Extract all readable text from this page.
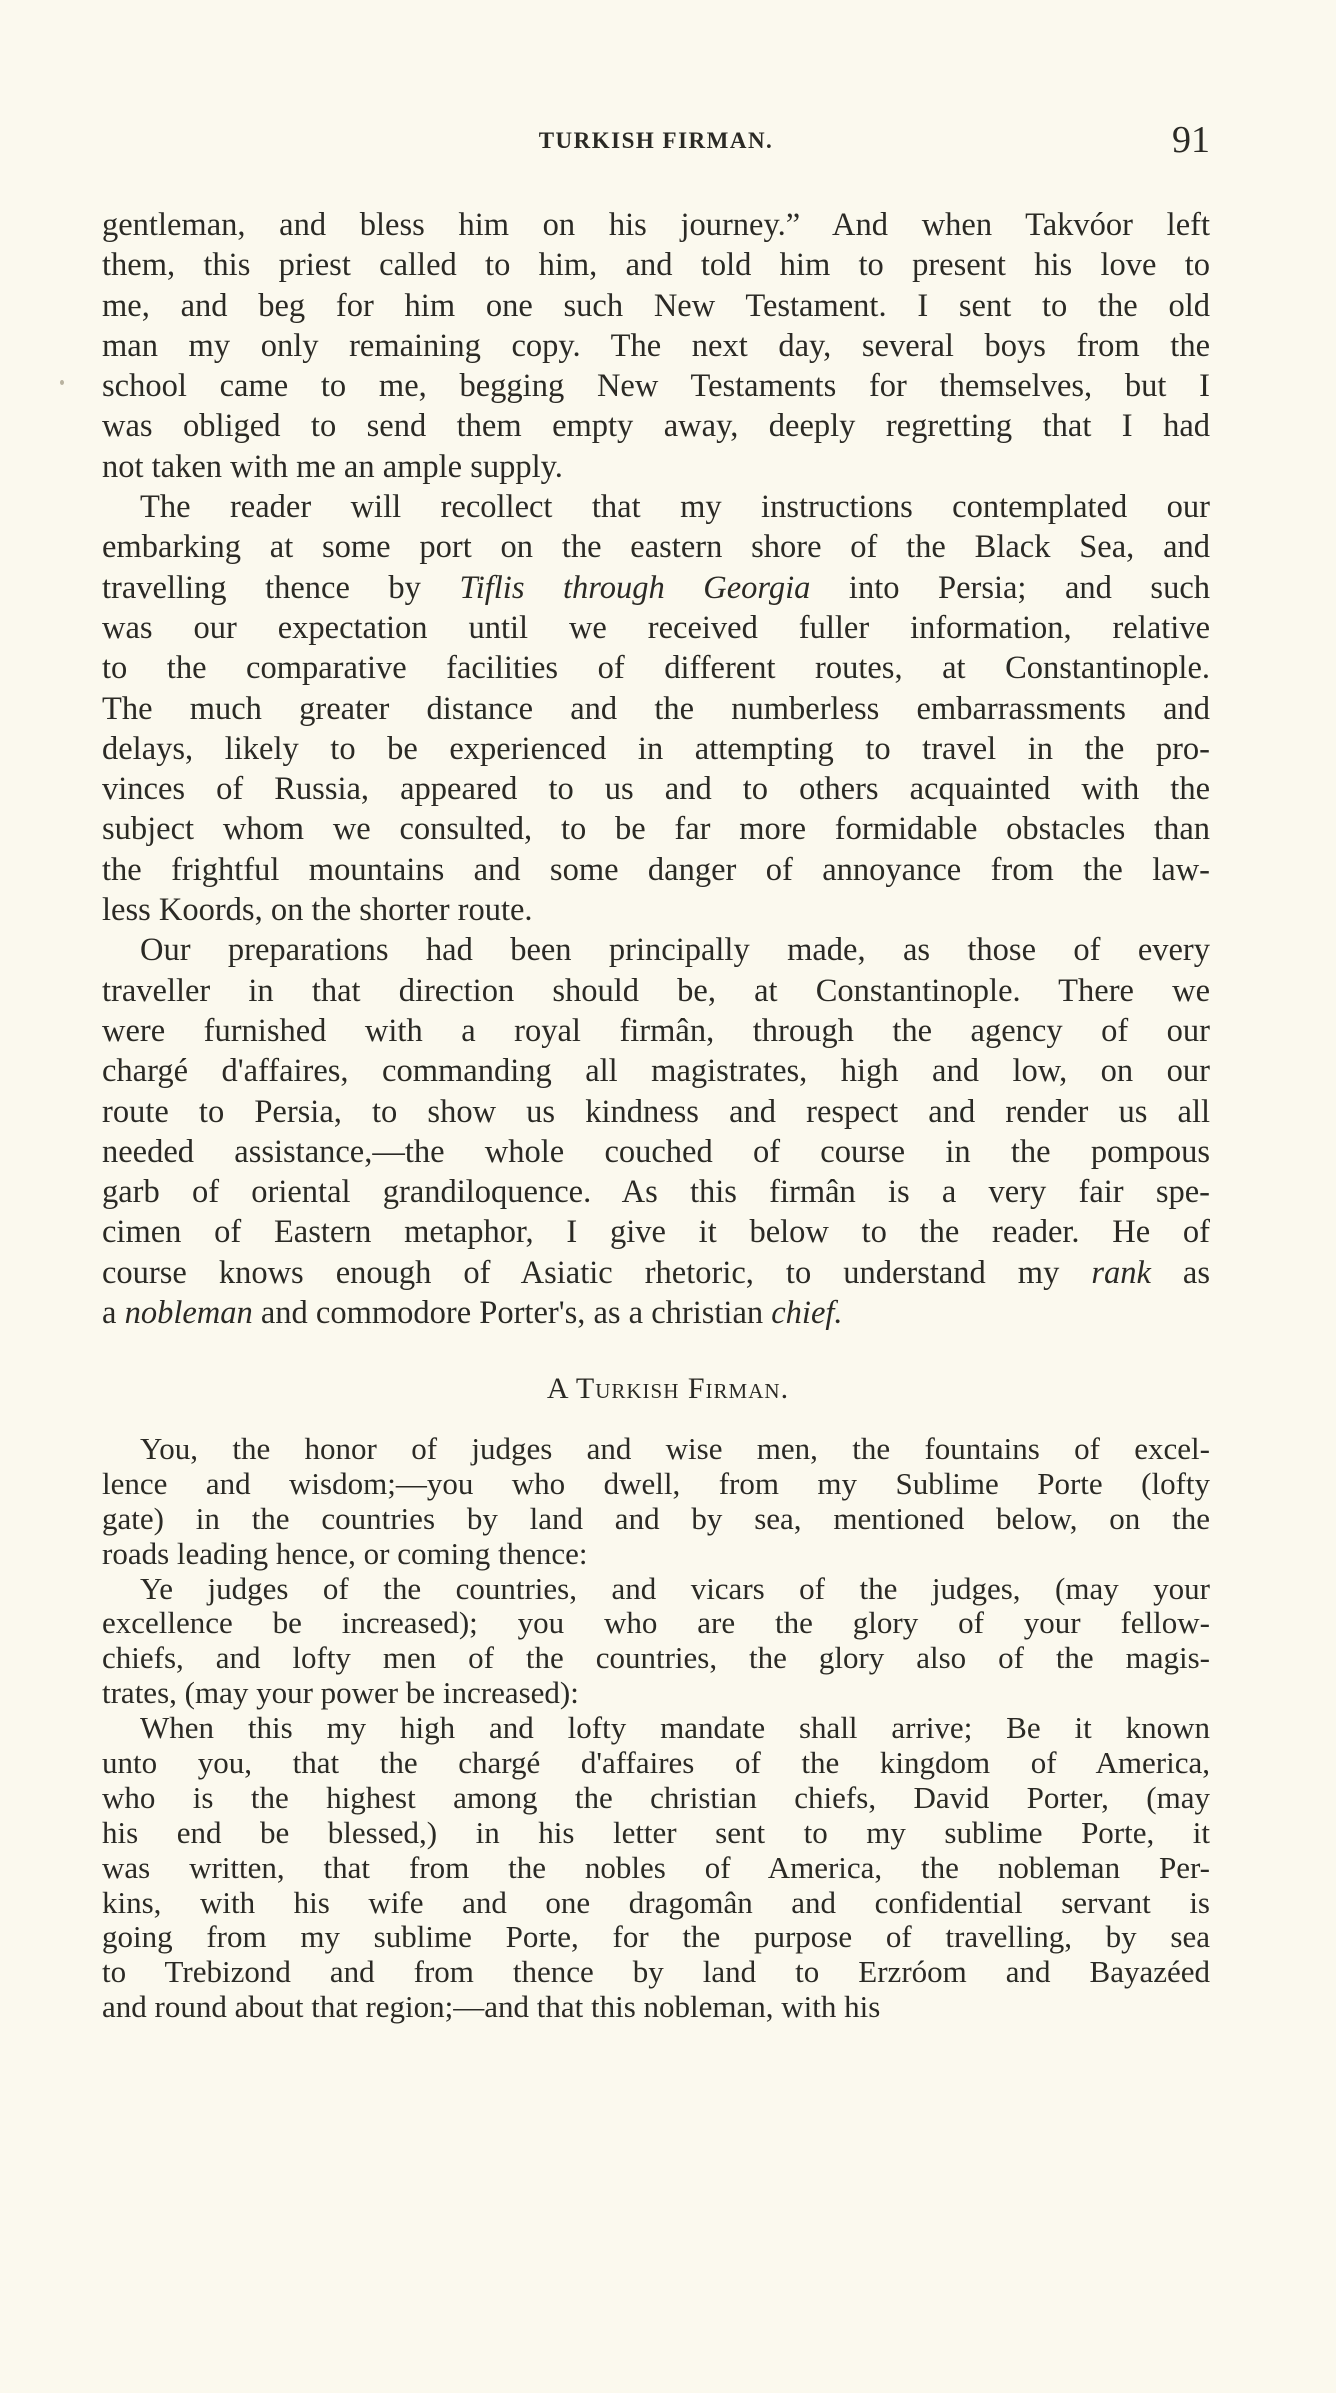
TURKISH FIRMAN.	91
gentleman, and bless him on his journey.” And when Takvóor left
them, this priest called to him, and told him to present his love to
me, and beg for him one such New Testament. I sent to the old
man my only remaining copy. The next day, several boys from the
school came to me, begging New Testaments for themselves, but I
was obliged to send them empty away, deeply regretting that I had
not taken with me an ample supply.
The reader will recollect that my instructions contemplated our
embarking at some port on the eastern shore of the Black Sea, and
travelling thence by Tiflis through Georgia into Persia; and such
was our expectation until we received fuller information, relative
to the comparative facilities of different routes, at Constantinople.
The much greater distance and the numberless embarrassments and
delays, likely to be experienced in attempting to travel in the pro-
vinces of Russia, appeared to us and to others acquainted with the
subject whom we consulted, to be far more formidable obstacles than
the frightful mountains and some danger of annoyance from the law-
less Koords, on the shorter route.
Our preparations had been principally made, as those of every
traveller in that direction should be, at Constantinople. There we
were furnished with a royal firmân, through the agency of our
chargé d'affaires, commanding all magistrates, high and low, on our
route to Persia, to show us kindness and respect and render us all
needed assistance,—the whole couched of course in the pompous
garb of oriental grandiloquence. As this firmân is a very fair spe-
cimen of Eastern metaphor, I give it below to the reader. He of
course knows enough of Asiatic rhetoric, to understand my rank as
a nobleman and commodore Porter's, as a christian chief.
A Turkish Firman.
You, the honor of judges and wise men, the fountains of excel-
lence and wisdom;—you who dwell, from my Sublime Porte (lofty
gate) in the countries by land and by sea, mentioned below, on the
roads leading hence, or coming thence:
Ye judges of the countries, and vicars of the judges, (may your
excellence be increased); you who are the glory of your fellow-
chiefs, and lofty men of the countries, the glory also of the magis-
trates, (may your power be increased):
When this my high and lofty mandate shall arrive; Be it known
unto you, that the chargé d'affaires of the kingdom of America,
who is the highest among the christian chiefs, David Porter, (may
his end be blessed,) in his letter sent to my sublime Porte, it
was written, that from the nobles of America, the nobleman Per-
kins, with his wife and one dragomân and confidential servant is
going from my sublime Porte, for the purpose of travelling, by sea
to Trebizond and from thence by land to Erzróom and Bayazéed
and round about that region;—and that this nobleman, with his
